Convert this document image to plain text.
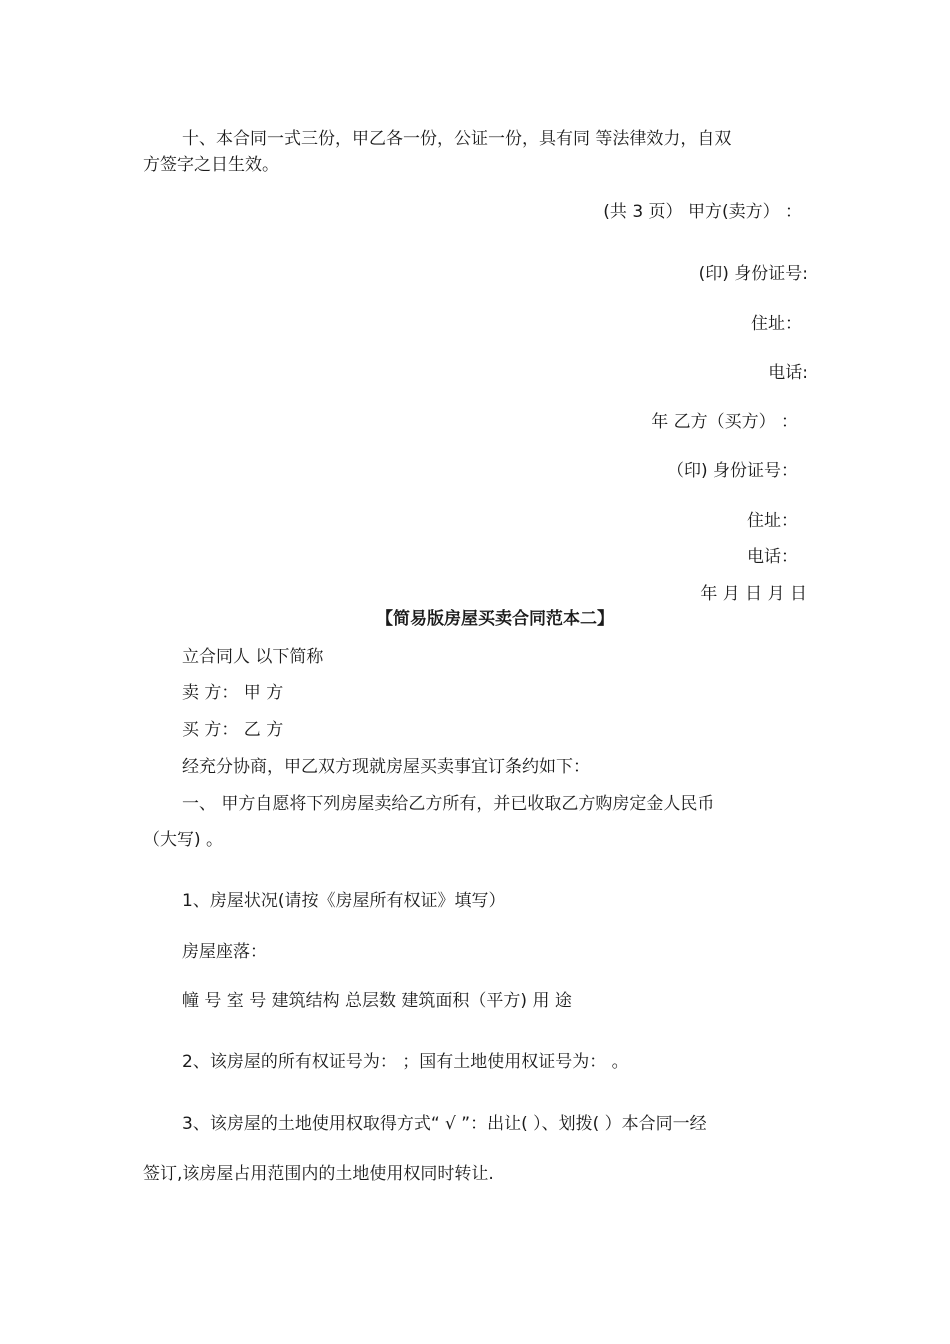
十、本合同一式三份，甲乙各一份，公证一份，具有同 等法律效力，自双
方签字之日生效。
(共 3 页） 甲方(卖方） ：
(印) 身份证号:
住址：
电话:
年 乙方（买方） ：
（印) 身份证号：
住址：
电话：
年 月 日 月 日
【简易版房屋买卖合同范本二】
立合同人 以下简称
卖 方： 甲 方
买 方： 乙 方
经充分协商，甲乙双方现就房屋买卖事宜订条约如下：
一、 甲方自愿将下列房屋卖给乙方所有，并已收取乙方购房定金人民币
（大写) 。
1、房屋状况(请按《房屋所有权证》填写）
房屋座落：
幢 号 室 号 建筑结构 总层数 建筑面积（平方) 用 途
2、该房屋的所有权证号为： ；国有土地使用权证号为： 。
3、该房屋的土地使用权取得方式“ √ ”：出让( ）、划拨( ）本合同一经
签订,该房屋占用范围内的土地使用权同时转让.
